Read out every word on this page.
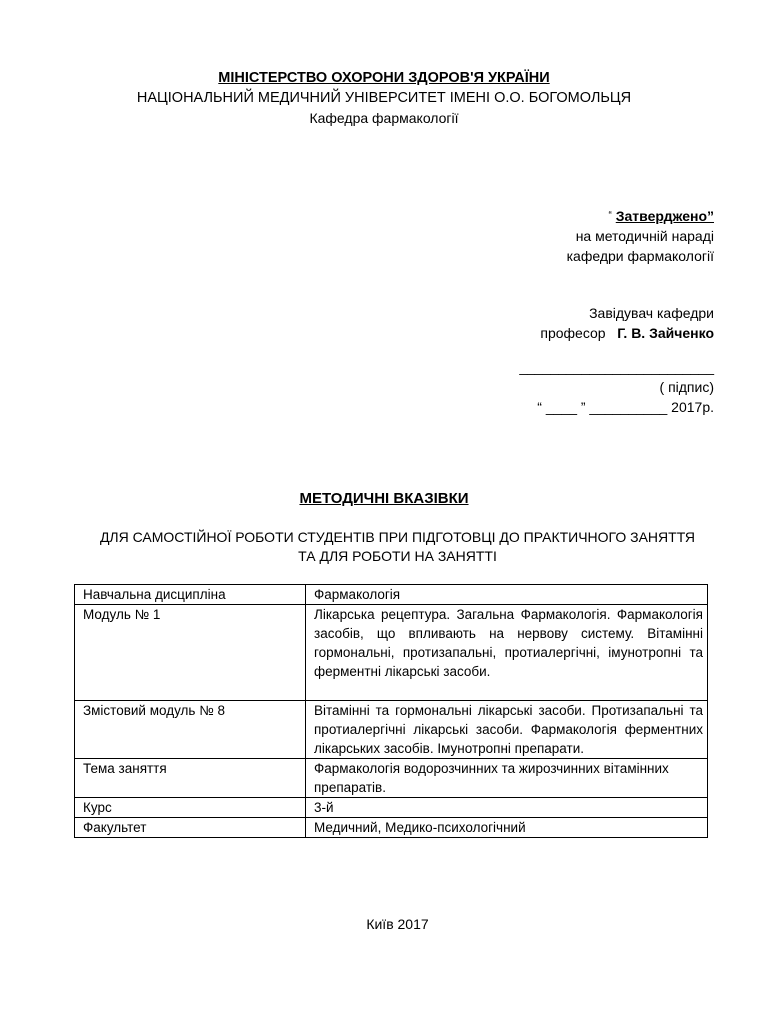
МІНІСТЕРСТВО ОХОРОНИ ЗДОРОВ'Я УКРАЇНИ
НАЦІОНАЛЬНИЙ МЕДИЧНИЙ УНІВЕРСИТЕТ ІМЕНІ О.О. БОГОМОЛЬЦЯ
Кафедра фармакології
“ Затверджено”
на методичній нараді
кафедри фармакології
Завідувач кафедри
професор Г. В. Зайченко
_________________________
( підпис)
“ ____ ” __________ 2017р.
МЕТОДИЧНІ ВКАЗІВКИ
ДЛЯ САМОСТІЙНОЇ РОБОТИ СТУДЕНТІВ ПРИ ПІДГОТОВЦІ ДО ПРАКТИЧНОГО ЗАНЯТТЯ
ТА ДЛЯ РОБОТИ НА ЗАНЯТТІ
Навчальна дисципліна	Фармакологія
Модуль № 1	Лікарська рецептура. Загальна Фармакологія. Фармакологія засобів, що впливають на нервову систему. Вітамінні гормональні, протизапальні, протиалергічні, імунотропні та ферментні лікарські засоби.
Змістовий модуль № 8	Вітамінні та гормональні лікарські засоби. Протизапальні та протиалергічні лікарські засоби. Фармакологія ферментних лікарських засобів. Імунотропні препарати.
Тема заняття	Фармакологія водорозчинних та жирозчинних вітамінних препаратів.
Курс	3-й
Факультет	Медичний, Медико-психологічний
Київ 2017
